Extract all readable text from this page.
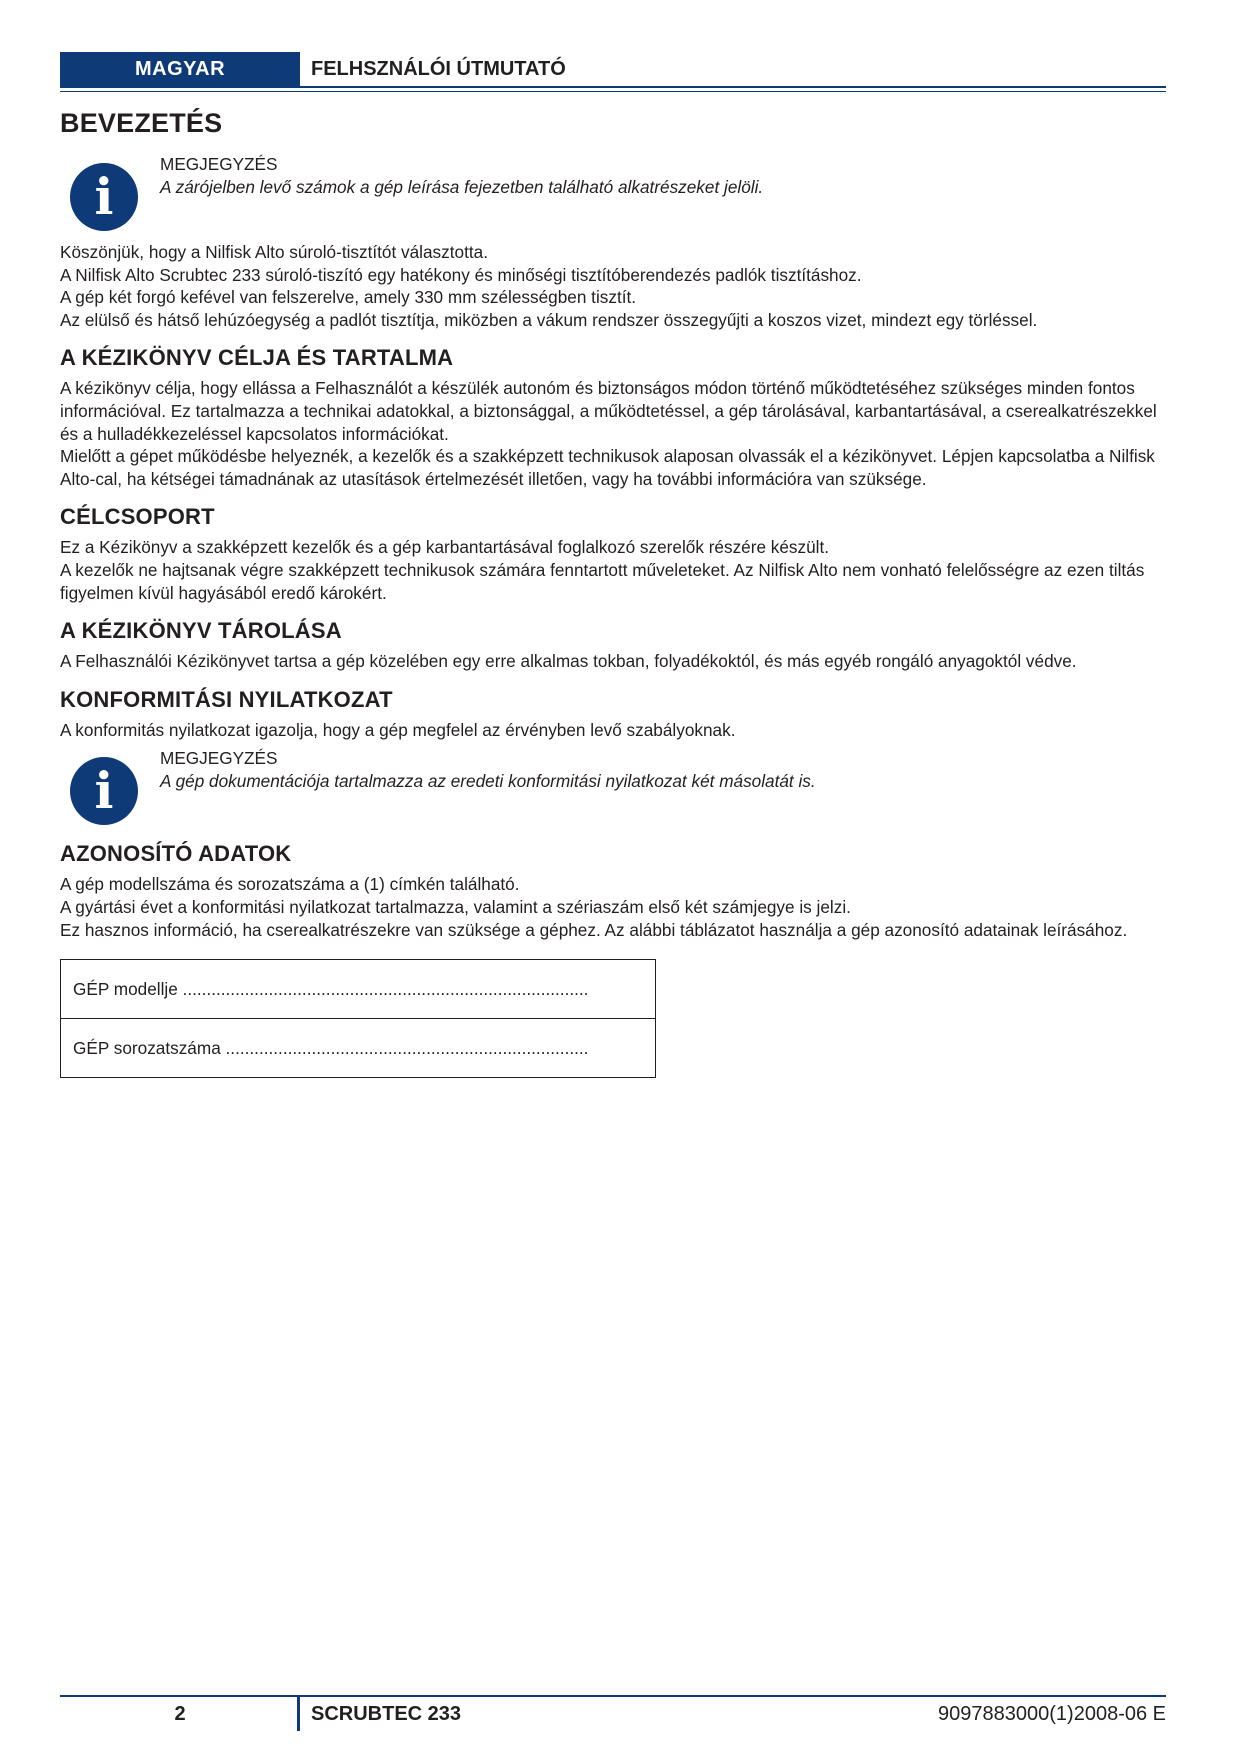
MAGYAR	FELHSZNÁLÓI ÚTMUTATÓ
BEVEZETÉS
i
MEGJEGYZÉS
A zárójelben levő számok a gép leírása fejezetben található alkatrészeket jelöli.

Köszönjük, hogy a Nilfisk Alto súroló-tisztítót választotta.

A Nilfisk Alto Scrubtec 233 súroló-tiszító egy hatékony és minőségi tisztítóberendezés padlók tisztításhoz.

A gép két forgó kefével van felszerelve, amely 330 mm szélességben tisztít.

Az elülső és hátső lehúzóegység a padlót tisztítja, miközben a vákum rendszer összegyűjti a koszos vizet, mindezt egy törléssel.

A KÉZIKÖNYV CÉLJA ÉS TARTALMA

A kézikönyv célja, hogy ellássa a Felhasználót a készülék autonóm és biztonságos módon történő működtetéséhez szükséges minden fontos információval. Ez tartalmazza a technikai adatokkal, a biztonsággal, a működtetéssel, a gép tárolásával, karbantartásával, a cserealkatrészekkel és a hulladékkezeléssel kapcsolatos információkat.

Mielőtt a gépet működésbe helyeznék, a kezelők és a szakképzett technikusok alaposan olvassák el a kézikönyvet. Lépjen kapcsolatba a Nilfisk Alto-cal, ha kétségei támadnának az utasítások értelmezését illetően, vagy ha további információra van szüksége.

CÉLCSOPORT

Ez a Kézikönyv a szakképzett kezelők és a gép karbantartásával foglalkozó szerelők részére készült.

A kezelők ne hajtsanak végre szakképzett technikusok számára fenntartott műveleteket. Az Nilfisk Alto nem vonható felelősségre az ezen tiltás figyelmen kívül hagyásából eredő károkért.

A KÉZIKÖNYV TÁROLÁSA

A Felhasználói Kézikönyvet tartsa a gép közelében egy erre alkalmas tokban, folyadékoktól, és más egyéb rongáló anyagoktól védve.

KONFORMITÁSI NYILATKOZAT

A konformitás nyilatkozat igazolja, hogy a gép megfelel az érvényben levő szabályoknak.

i
MEGJEGYZÉS
A gép dokumentációja tartalmazza az eredeti konformitási nyilatkozat két másolatát is.
AZONOSÍTÓ ADATOK

A gép modellszáma és sorozatszáma a (1) címkén található.

A gyártási évet a konformitási nyilatkozat tartalmazza, valamint a szériaszám első két számjegye is jelzi.

Ez hasznos információ, ha cserealkatrészekre van szüksége a géphez. Az alábbi táblázatot használja a gép azonosító adatainak leírásához.

GÉP modellje .....................................................................................
GÉP sorozatszáma ............................................................................
2	SCRUBTEC 233	9097883000(1)2008-06 E
